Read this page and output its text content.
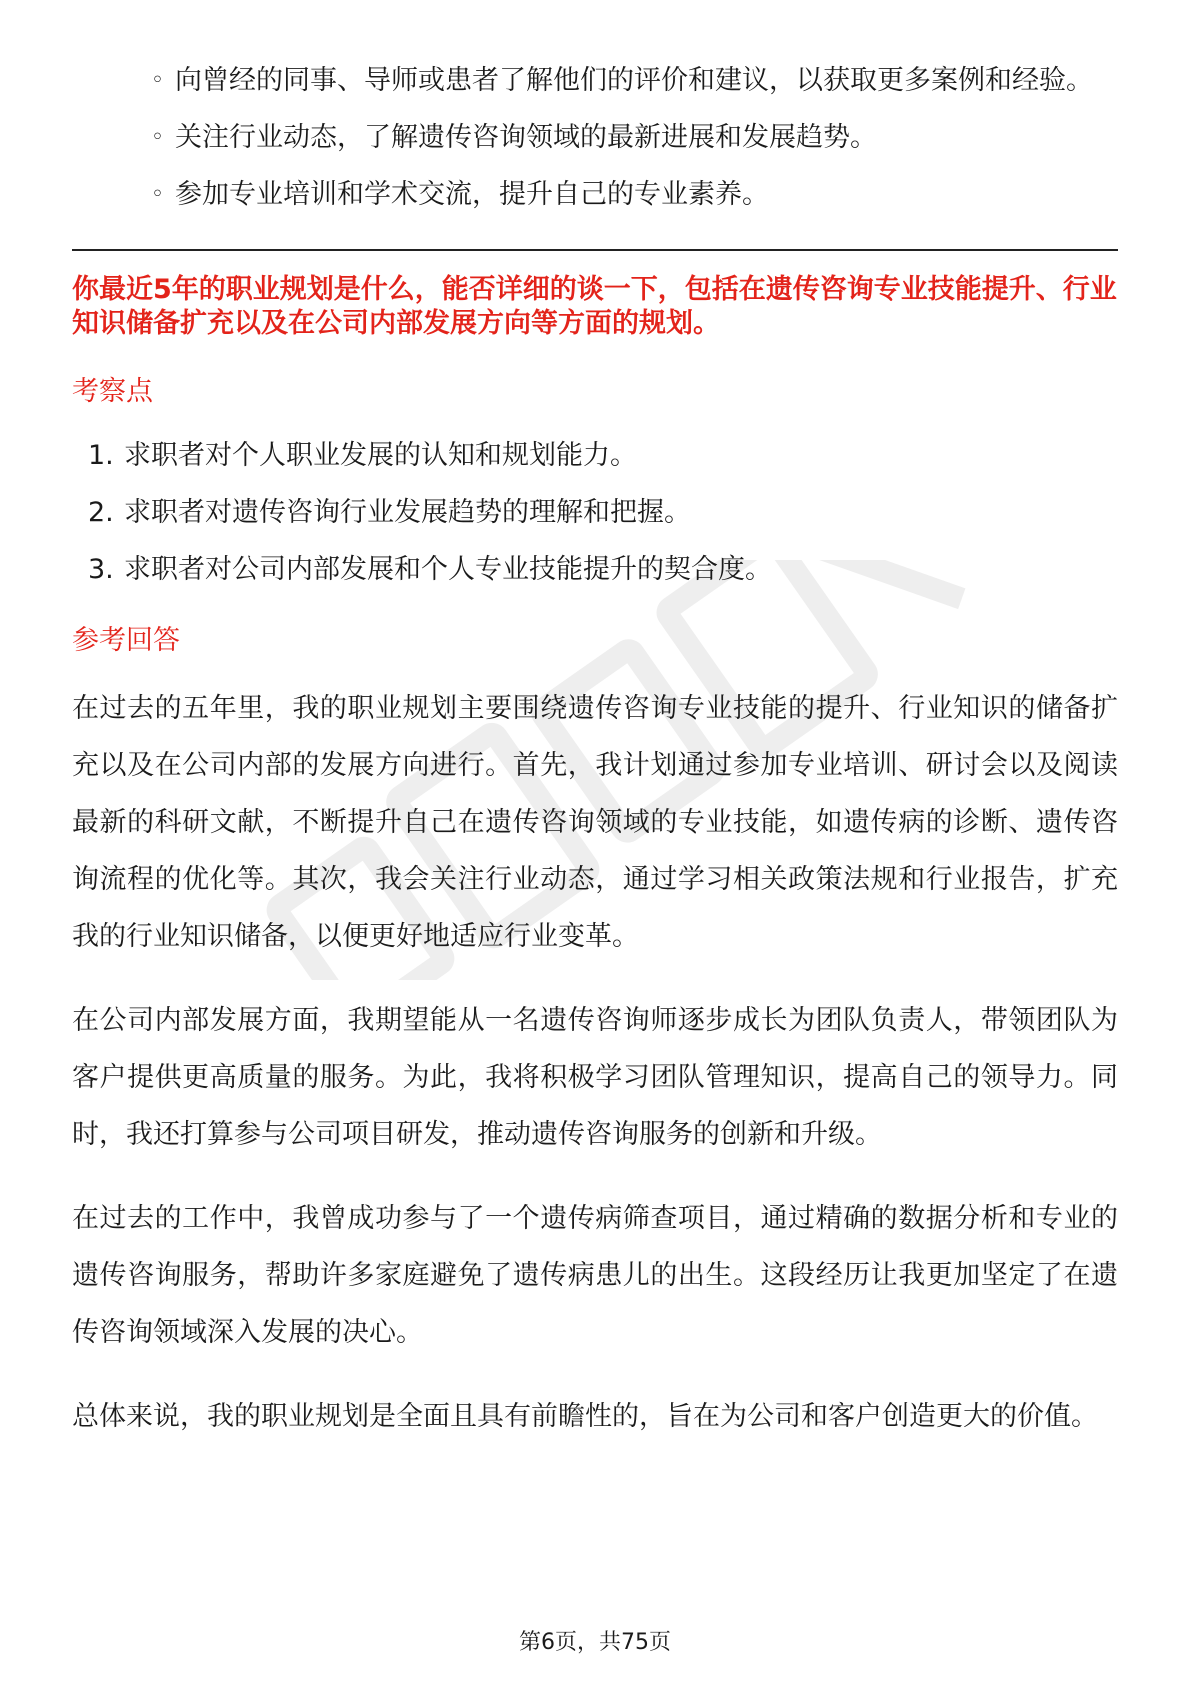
◦ 向曾经的同事、导师或患者了解他们的评价和建议，以获取更多案例和经验。
◦ 关注行业动态，了解遗传咨询领域的最新进展和发展趋势。
◦ 参加专业培训和学术交流，提升自己的专业素养。

你最近5年的职业规划是什么，能否详细的谈一下，包括在遗传咨询专业技能提升、行业知识储备扩充以及在公司内部发展方向等方面的规划。

考察点
1. 求职者对个人职业发展的认知和规划能力。
2. 求职者对遗传咨询行业发展趋势的理解和把握。
3. 求职者对公司内部发展和个人专业技能提升的契合度。
参考回答

在过去的五年里，我的职业规划主要围绕遗传咨询专业技能的提升、行业知识的储备扩充以及在公司内部的发展方向进行。首先，我计划通过参加专业培训、研讨会以及阅读最新的科研文献，不断提升自己在遗传咨询领域的专业技能，如遗传病的诊断、遗传咨询流程的优化等。其次，我会关注行业动态，通过学习相关政策法规和行业报告，扩充我的行业知识储备，以便更好地适应行业变革。

在公司内部发展方面，我期望能从一名遗传咨询师逐步成长为团队负责人，带领团队为客户提供更高质量的服务。为此，我将积极学习团队管理知识，提高自己的领导力。同时，我还打算参与公司项目研发，推动遗传咨询服务的创新和升级。

在过去的工作中，我曾成功参与了一个遗传病筛查项目，通过精确的数据分析和专业的遗传咨询服务，帮助许多家庭避免了遗传病患儿的出生。这段经历让我更加坚定了在遗传咨询领域深入发展的决心。

总体来说，我的职业规划是全面且具有前瞻性的，旨在为公司和客户创造更大的价值。

第6页，共75页
